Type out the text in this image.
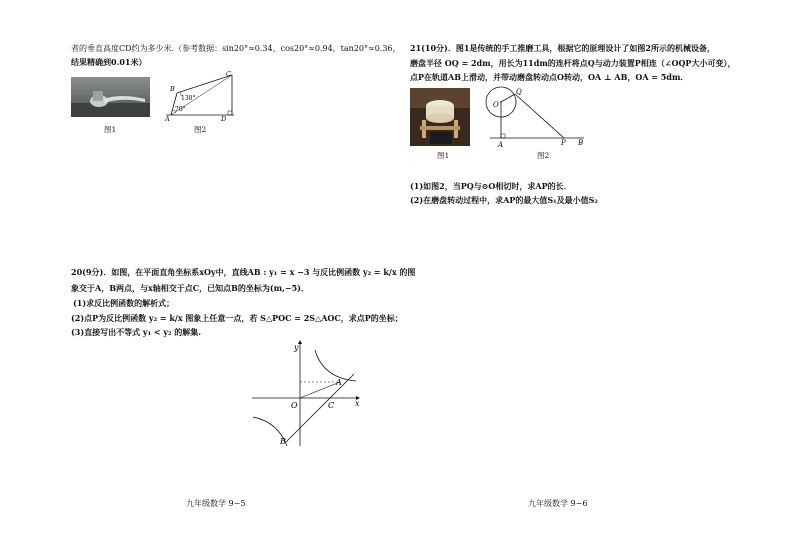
者的垂直高度CD约为多少米.（参考数据：sin20°≈0.34，cos20°≈0.94，tan20°≈0.36，
结果精确到0.01米）
图1
B
C
A	D
130°
70°
图2
20(9分)．如图，在平面直角坐标系xOy中，直线AB : y₁ = x −3 与反比例函数 y₂ = k/x 的图
象交于A，B两点，与x轴相交于点C，已知点B的坐标为(m,−5)．
(1)求反比例函数的解析式；
(2)点P为反比例函数 y₂ = k/x 图象上任意一点，若 S△POC = 2S△AOC，求点P的坐标；
(3)直接写出不等式 y₁ < y₂ 的解集.
y
x
O	C
A
B
九年级数学 9−5
21(10分)．图1是传统的手工推磨工具，根据它的原理设计了如图2所示的机械设备，
磨盘半径 OQ = 2dm，用长为11dm的连杆将点Q与动力装置P相连（∠OQP大小可变），
点P在轨道AB上滑动，并带动磨盘转动点O转动，OA ⊥ AB，OA = 5dm．
图1
Q
O
A	P B
图2
(1)如图2，当PQ与⊙O相切时，求AP的长．
(2)在磨盘转动过程中，求AP的最大值S₁及最小值S₂
九年级数学 9−6
